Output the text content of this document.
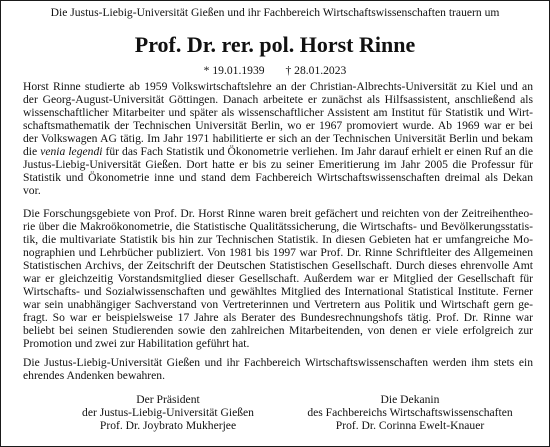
Die Justus-Liebig-Universität Gießen und ihr Fachbereich Wirtschaftswissenschaften trauern um
Prof. Dr. rer. pol. Horst Rinne
* 19.01.1939 † 28.01.2023
Horst Rinne studierte ab 1959 Volkswirtschaftslehre an der Christian-Albrechts-Universität zu Kiel und an
der Georg-August-Universität Göttingen. Danach arbeitete er zunächst als Hilfsassistent, anschließend als
wissenschaftlicher Mitarbeiter und später als wissenschaftlicher Assistent am Institut für Statistik und Wirt-
schaftsmathematik der Technischen Universität Berlin, wo er 1967 promoviert wurde. Ab 1969 war er bei
der Volkswagen AG tätig. Im Jahr 1971 habilitierte er sich an der Technischen Universität Berlin und bekam
die venia legendi für das Fach Statistik und Ökonometrie verliehen. Im Jahr darauf erhielt er einen Ruf an die
Justus-Liebig-Universität Gießen. Dort hatte er bis zu seiner Emeritierung im Jahr 2005 die Professur für
Statistik und Ökonometrie inne und stand dem Fachbereich Wirtschaftswissenschaften dreimal als Dekan
vor.
Die Forschungsgebiete von Prof. Dr. Horst Rinne waren breit gefächert und reichten von der Zeitreihentheo-
rie über die Makroökonometrie, die Statistische Qualitätssicherung, die Wirtschafts- und Bevölkerungsstatis-
tik, die multivariate Statistik bis hin zur Technischen Statistik. In diesen Gebieten hat er umfangreiche Mo-
nographien und Lehrbücher publiziert. Von 1981 bis 1997 war Prof. Dr. Rinne Schriftleiter des Allgemeinen
Statistischen Archivs, der Zeitschrift der Deutschen Statistischen Gesellschaft. Durch dieses ehrenvolle Amt
war er gleichzeitig Vorstandsmitglied dieser Gesellschaft. Außerdem war er Mitglied der Gesellschaft für
Wirtschafts- und Sozialwissenschaften und gewähltes Mitglied des International Statistical Institute. Ferner
war sein unabhängiger Sachverstand von Vertreterinnen und Vertretern aus Politik und Wirtschaft gern ge-
fragt. So war er beispielsweise 17 Jahre als Berater des Bundesrechnungshofs tätig. Prof. Dr. Rinne war
beliebt bei seinen Studierenden sowie den zahlreichen Mitarbeitenden, von denen er viele erfolgreich zur
Promotion und zwei zur Habilitation geführt hat.
Die Justus-Liebig-Universität Gießen und ihr Fachbereich Wirtschaftswissenschaften werden ihm stets ein
ehrendes Andenken bewahren.
Der Präsident
der Justus-Liebig-Universität Gießen
Prof. Dr. Joybrato Mukherjee
Die Dekanin
des Fachbereichs Wirtschaftswissenschaften
Prof. Dr. Corinna Ewelt-Knauer
